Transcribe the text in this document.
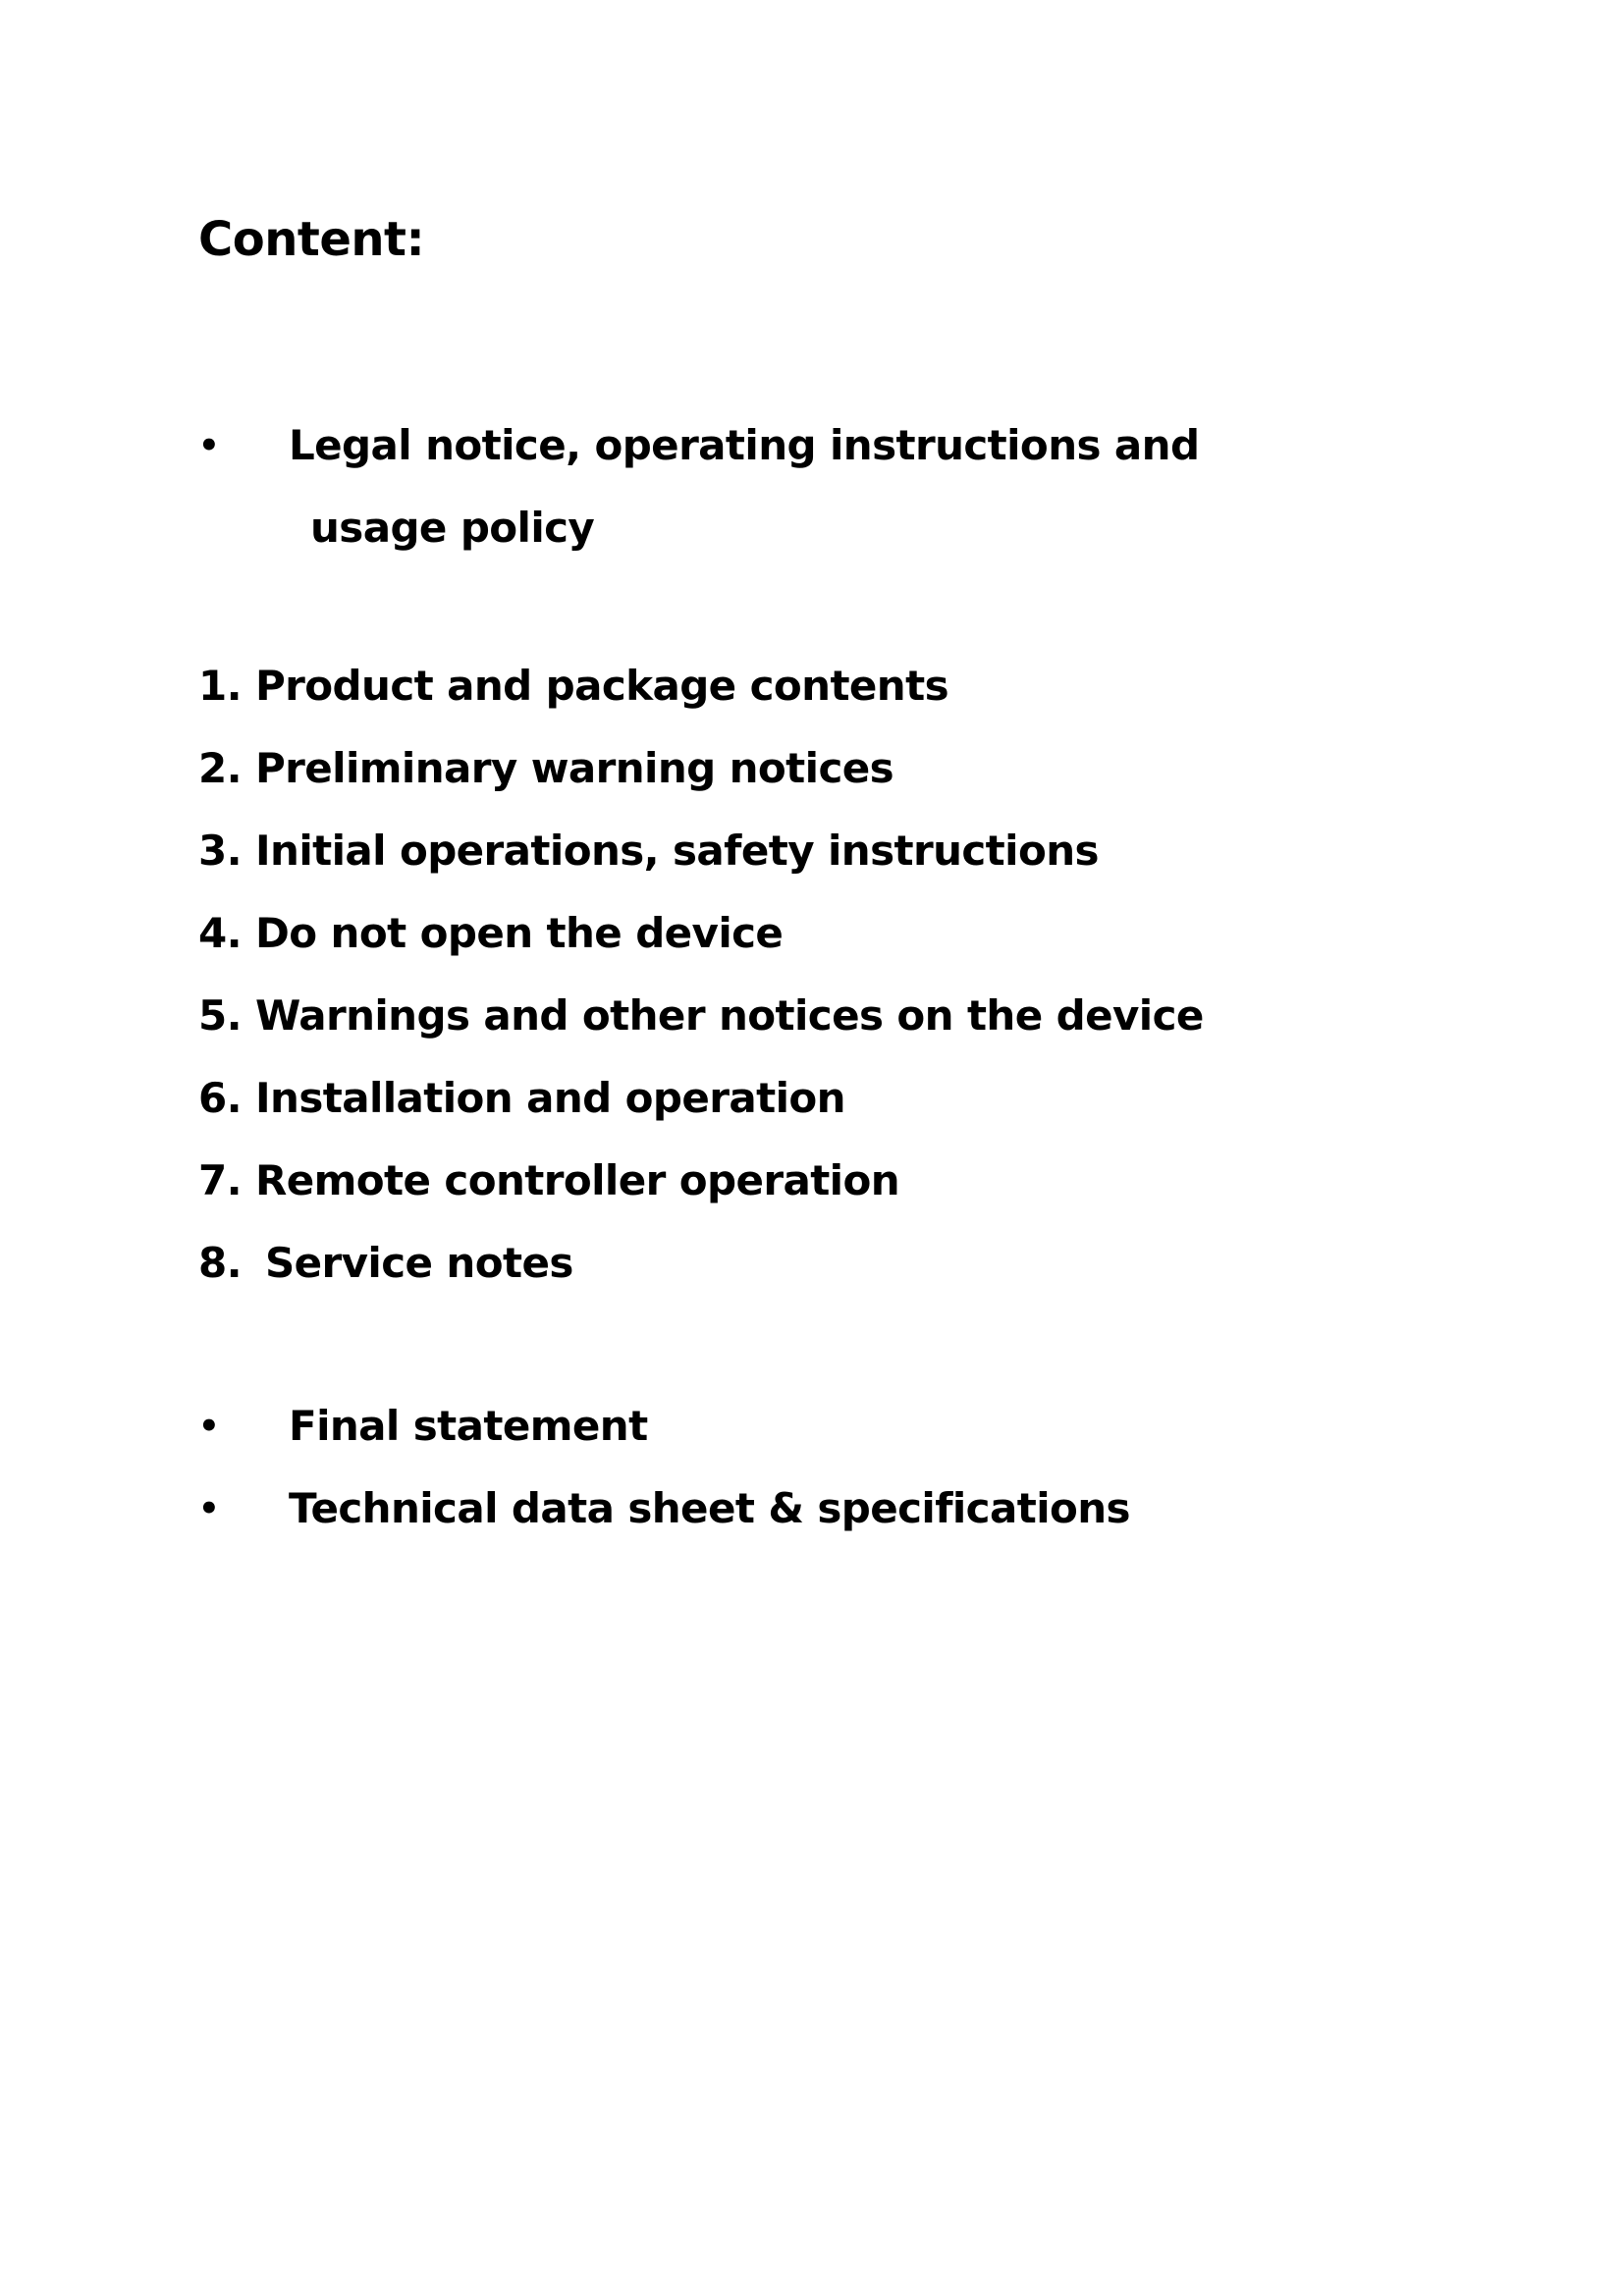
Content:
• Legal notice, operating instructions and
usage policy
1. Product and package contents
2. Preliminary warning notices
3. Initial operations, safety instructions
4. Do not open the device
5. Warnings and other notices on the device
6. Installation and operation
7. Remote controller operation
8. Service notes
• Final statement
• Technical data sheet & specifications
